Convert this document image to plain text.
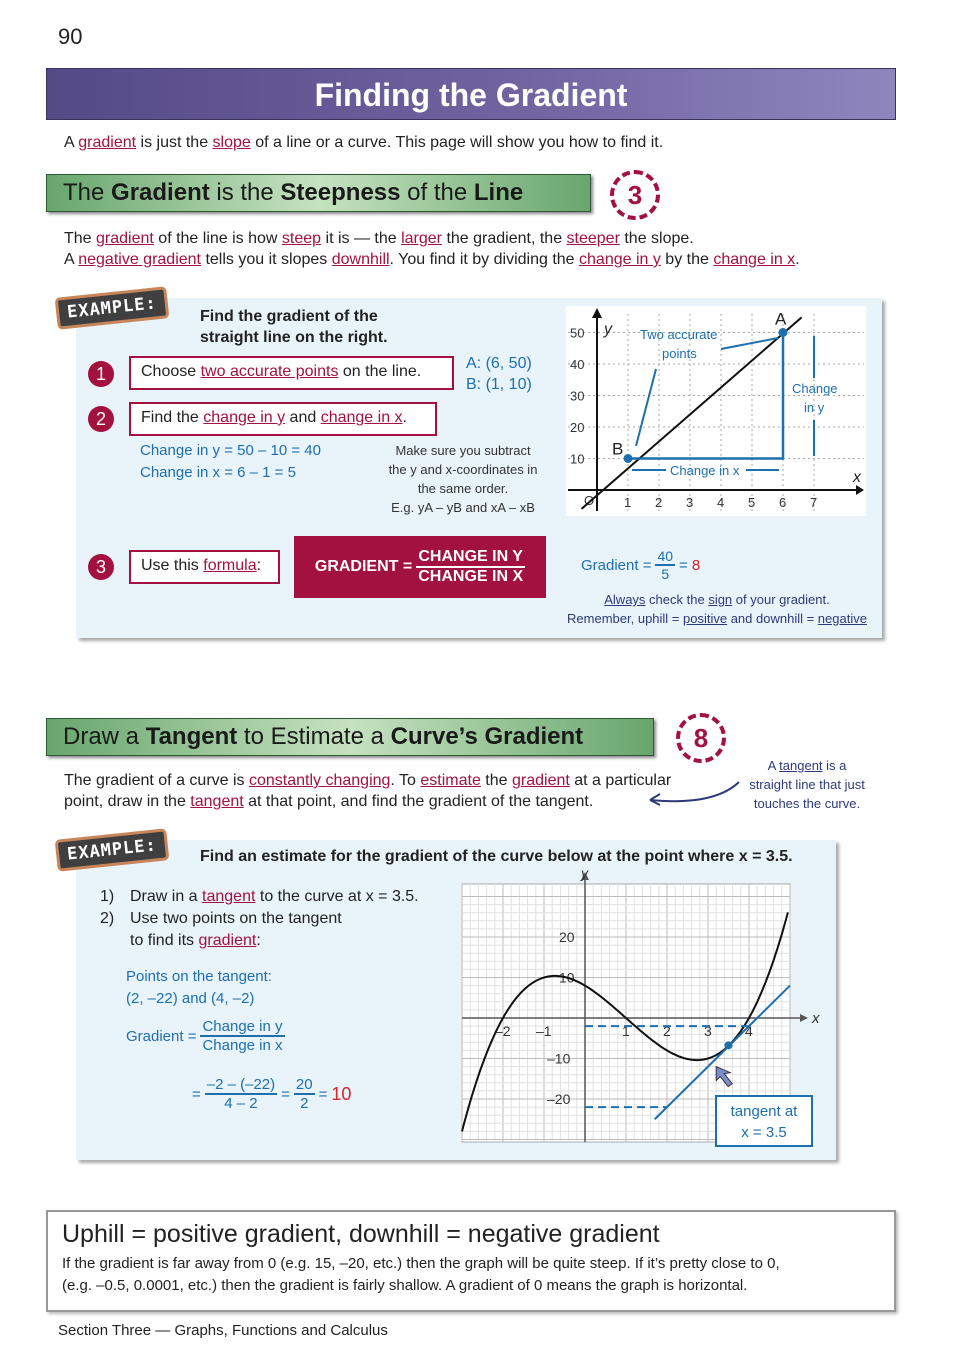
90
Finding the Gradient
A gradient is just the slope of a line or a curve. This page will show you how to find it.
The Gradient is the Steepness of the Line	3
The gradient of the line is how steep it is — the larger the gradient, the steeper the slope.
A negative gradient tells you it slopes downhill. You find it by dividing the change in y by the change in x.
EXAMPLE:	Find the gradient of the straight line on the right.
1	Choose two accurate points on the line.	A: (6, 50)
B: (1, 10)
2	Find the change in y and change in x.
Change in y = 50 – 10 = 40
Change in x = 6 – 1 = 5
Make sure you subtract
the y and x-coordinates in
the same order.
E.g. yA – yB and xA – xB	1 2 3 4 5 6 7
10
20
30
40
50
x
y
O
A
B
Two accurate
points
Change in x
Change
in y
3	Use this formula:	GRADIENT = $\frac{\text{CHANGE IN Y}}{\text{CHANGE IN X}}$	Gradient = $\frac{40}{5} = 8$
Always check the sign of your gradient.
Remember, uphill = positive and downhill = negative
Draw a Tangent to Estimate a Curve’s Gradient	8
The gradient of a curve is constantly changing. To estimate the gradient at a particular
point, draw in the tangent at that point, and find the gradient of the tangent.
A tangent is a
straight line that just
touches the curve.
EXAMPLE:	Find an estimate for the gradient of the curve below at the point where x = 3.5.
1) Draw in a tangent to the curve at x = 3.5.
2) Use two points on the tangent
to find its gradient:
Points on the tangent:
(2, –22) and (4, –2)
Gradient = $\frac{\text{Change in y}}{\text{Change in x}}$
= $\frac{-2 - (-22)}{4 - 2} = \frac{20}{2} = 10$
x
y
–2 –1	1 2 3 4
–20
–10
10
20
tangent at
x = 3.5
Uphill = positive gradient, downhill = negative gradient
If the gradient is far away from 0 (e.g. 15, –20, etc.) then the graph will be quite steep. If it’s pretty close to 0,
(e.g. –0.5, 0.0001, etc.) then the gradient is fairly shallow. A gradient of 0 means the graph is horizontal.
Section Three — Graphs, Functions and Calculus
